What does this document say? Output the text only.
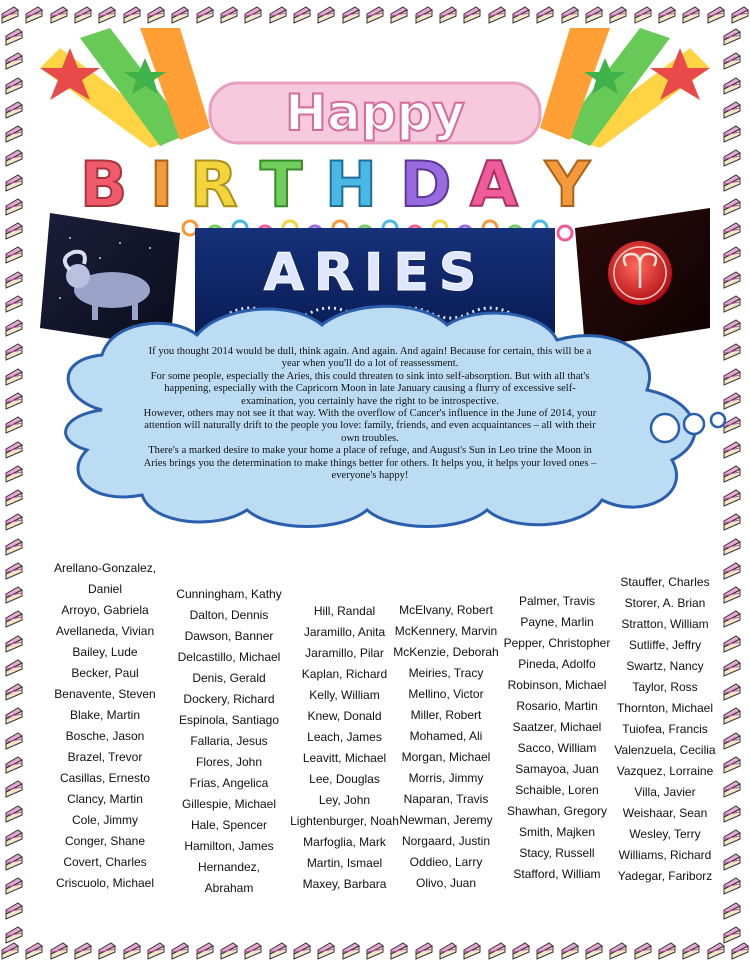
Happy
B I R T H D A Y
BIRTHDAY
ARIES

If you thought 2014 would be dull, think again. And again. And again! Because for certain, this will be a year when you'll do a lot of reassessment.

For some people, especially the Aries, this could threaten to sink into self-absorption. But with all that's happening, especially with the Capricorn Moon in late January causing a flurry of excessive self-examination, you certainly have the right to be introspective.

However, others may not see it that way. With the overflow of Cancer's influence in the June of 2014, your attention will naturally drift to the people you love: family, friends, and even acquaintances – all with their own troubles.

There's a marked desire to make your home a place of refuge, and August's Sun in Leo trine the Moon in Aries brings you the determination to make things better for others. It helps you, it helps your loved ones – everyone's happy!

Arellano-Gonzalez,
Daniel
Arroyo, Gabriela
Avellaneda, Vivian
Bailey, Lude
Becker, Paul
Benavente, Steven
Blake, Martin
Bosche, Jason
Brazel, Trevor
Casillas, Ernesto
Clancy, Martin
Cole, Jimmy
Conger, Shane
Covert, Charles
Criscuolo, Michael
Cunningham, Kathy
Dalton, Dennis
Dawson, Banner
Delcastillo, Michael
Denis, Gerald
Dockery, Richard
Espinola, Santiago
Fallaria, Jesus
Flores, John
Frias, Angelica
Gillespie, Michael
Hale, Spencer
Hamilton, James
Hernandez,
Abraham
Hill, Randal
Jaramillo, Anita
Jaramillo, Pilar
Kaplan, Richard
Kelly, William
Knew, Donald
Leach, James
Leavitt, Michael
Lee, Douglas
Ley, John
Lightenburger, Noah
Marfoglia, Mark
Martin, Ismael
Maxey, Barbara
McElvany, Robert
McKennery, Marvin
McKenzie, Deborah
Meiries, Tracy
Mellino, Victor
Miller, Robert
Mohamed, Ali
Morgan, Michael
Morris, Jimmy
Naparan, Travis
Newman, Jeremy
Norgaard, Justin
Oddieo, Larry
Olivo, Juan
Palmer, Travis
Payne, Marlin
Pepper, Christopher
Pineda, Adolfo
Robinson, Michael
Rosario, Martin
Saatzer, Michael
Sacco, William
Samayoa, Juan
Schaible, Loren
Shawhan, Gregory
Smith, Majken
Stacy, Russell
Stafford, William
Stauffer, Charles
Storer, A. Brian
Stratton, William
Sutliffe, Jeffry
Swartz, Nancy
Taylor, Ross
Thornton, Michael
Tuiofea, Francis
Valenzuela, Cecilia
Vazquez, Lorraine
Villa, Javier
Weishaar, Sean
Wesley, Terry
Williams, Richard
Yadegar, Fariborz
